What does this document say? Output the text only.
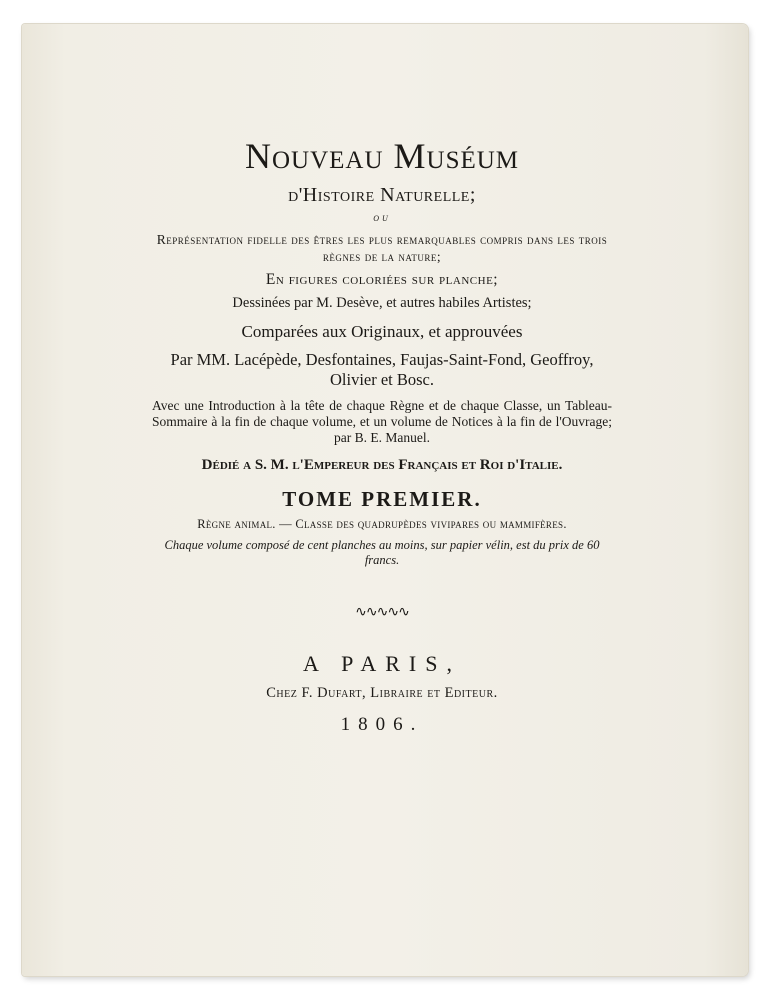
Nouveau Muséum

d'Histoire Naturelle;

ou

Représentation fidelle des êtres les plus remarquables compris dans les trois règnes de la nature;

En figures coloriées sur planche;

Dessinées par M. Desève, et autres habiles Artistes;

Comparées aux Originaux, et approuvées

Par MM. Lacépède, Desfontaines, Faujas-Saint-Fond, Geoffroy, Olivier et Bosc.

Avec une Introduction à la tête de chaque Règne et de chaque Classe, un Tableau-Sommaire à la fin de chaque volume, et un volume de Notices à la fin de l'Ouvrage; par B. E. Manuel.

Dédié a S. M. l'Empereur des Français et Roi d'Italie.

TOME PREMIER.

Règne animal. — Classe des quadrupèdes vivipares ou mammifères.

Chaque volume composé de cent planches au moins, sur papier vélin, est du prix de 60 francs.

∿∿∿∿∿

A PARIS,

Chez F. Dufart, Libraire et Editeur.

1806.
